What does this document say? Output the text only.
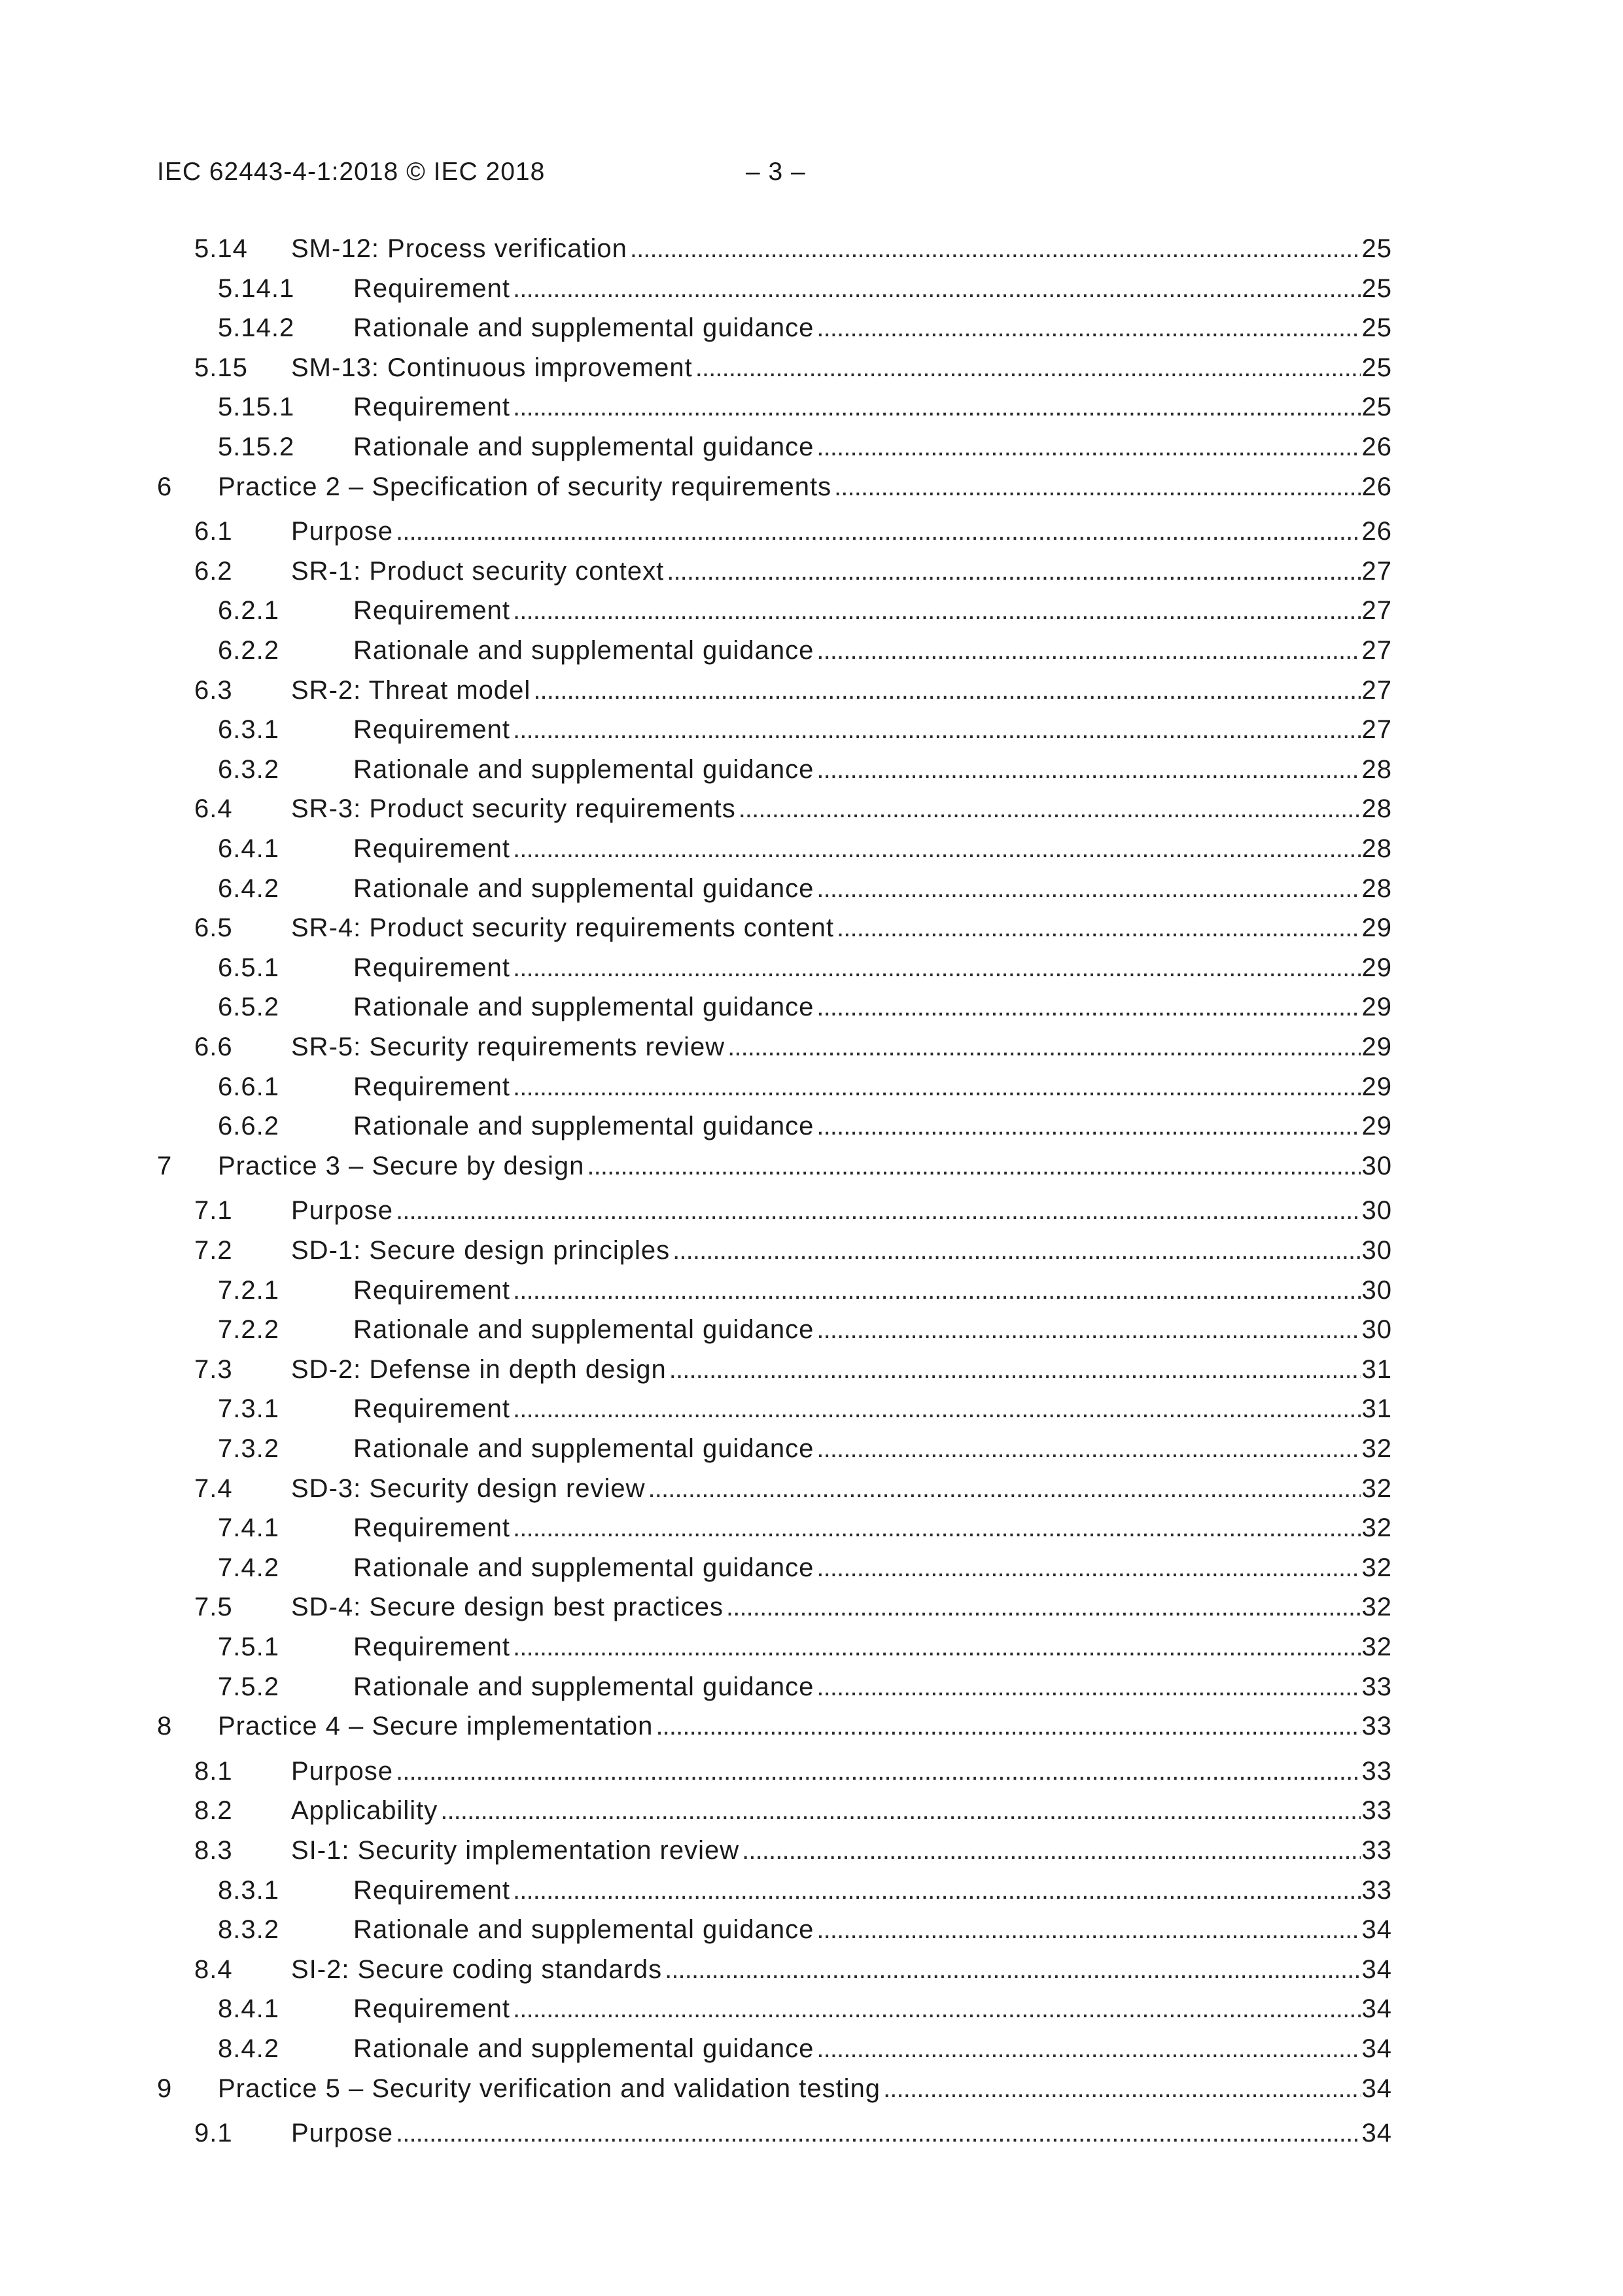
IEC 62443-4-1:2018 © IEC 2018	– 3 –
5.14 SM-12: Process verification . . .	25
5.14.1 Requirement . . .	25
5.14.2 Rationale and supplemental guidance . . .	25
5.15 SM-13: Continuous improvement . . .	25
5.15.1 Requirement . . .	25
5.15.2 Rationale and supplemental guidance . . .	26
6 Practice 2 – Specification of security requirements . . .	26
6.1 Purpose . . .	26
6.2 SR-1: Product security context . . .	27
6.2.1	Requirement . . .	27
6.2.2	Rationale and supplemental guidance . . .	27
6.3 SR-2: Threat model . . .	27
6.3.1	Requirement . . .	27
6.3.2	Rationale and supplemental guidance . . .	28
6.4 SR-3: Product security requirements . . .	28
6.4.1	Requirement . . .	28
6.4.2	Rationale and supplemental guidance . . .	28
6.5 SR-4: Product security requirements content . . .	29
6.5.1	Requirement . . .	29
6.5.2	Rationale and supplemental guidance . . .	29
6.6 SR-5: Security requirements review . . .	29
6.6.1	Requirement . . .	29
6.6.2	Rationale and supplemental guidance . . .	29
7 Practice 3 – Secure by design . . .	30
7.1 Purpose . . .	30
7.2 SD-1: Secure design principles . . .	30
7.2.1	Requirement . . .	30
7.2.2	Rationale and supplemental guidance . . .	30
7.3 SD-2: Defense in depth design . . .	31
7.3.1	Requirement . . .	31
7.3.2	Rationale and supplemental guidance . . .	32
7.4 SD-3: Security design review . . .	32
7.4.1	Requirement . . .	32
7.4.2	Rationale and supplemental guidance . . .	32
7.5 SD-4: Secure design best practices . . .	32
7.5.1	Requirement . . .	32
7.5.2	Rationale and supplemental guidance . . .	33
8 Practice 4 – Secure implementation . . .	33
8.1 Purpose . . .	33
8.2 Applicability . . .	33
8.3 SI-1: Security implementation review . . .	33
8.3.1	Requirement . . .	33
8.3.2	Rationale and supplemental guidance . . .	34
8.4 SI-2: Secure coding standards . . .	34
8.4.1	Requirement . . .	34
8.4.2	Rationale and supplemental guidance . . .	34
9 Practice 5 – Security verification and validation testing . . .	34
9.1 Purpose . . .	34
